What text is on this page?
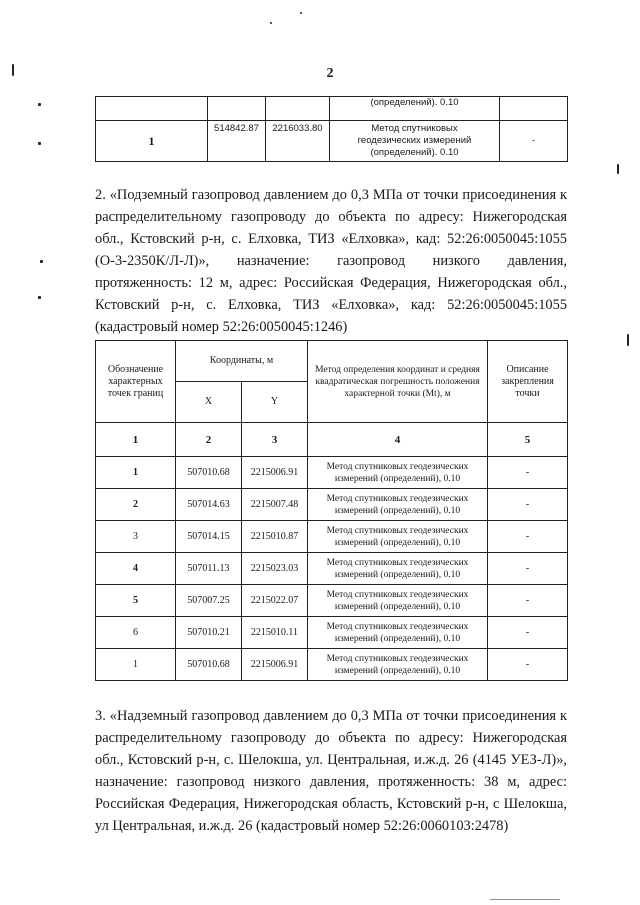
2
			(определений). 0.10	
1	514842.87	2216033.80	Метод спутниковых геодезических измерений (определений). 0.10	-

2. «Подземный газопровод давлением до 0,3 МПа от точки присоединения к распределительному газопроводу до объекта по адресу: Нижегородская обл., Кстовский р-н, с. Елховка, ТИЗ «Елховка», кад: 52:26:0050045:1055 (О-3-2350К/Л-Л)», назначение: газопровод низкого давления, протяженность: 12 м, адрес: Российская Федерация, Нижегородская обл., Кстовский р-н, с. Елховка, ТИЗ «Елховка», кад: 52:26:0050045:1055 (кадастровый номер 52:26:0050045:1246)

Обозначение характерных точек границ	Координаты, м		Метод определения координат и средняя квадратическая погрешность положения характерной точки (Mt), м	Описание закрепления точки
	X	Y		
1	2	3	4	5
1	507010.68	2215006.91	Метод спутниковых геодезических измерений (определений), 0.10	-
2	507014.63	2215007.48	Метод спутниковых геодезических измерений (определений), 0.10	-
3	507014.15	2215010.87	Метод спутниковых геодезических измерений (определений), 0.10	-
4	507011.13	2215023.03	Метод спутниковых геодезических измерений (определений), 0.10	-
5	507007.25	2215022.07	Метод спутниковых геодезических измерений (определений), 0.10	-
6	507010.21	2215010.11	Метод спутниковых геодезических измерений (определений), 0.10	-
1	507010.68	2215006.91	Метод спутниковых геодезических измерений (определений), 0.10	-

3. «Надземный газопровод давлением до 0,3 МПа от точки присоединения к распределительному газопроводу до объекта по адресу: Нижегородская обл., Кстовский р-н, с. Шелокша, ул. Центральная, и.ж.д. 26 (4145 УЕЗ-Л)», назначение: газопровод низкого давления, протяженность: 38 м, адрес: Российская Федерация, Нижегородская область, Кстовский р-н, с Шелокша, ул Центральная, и.ж.д. 26 (кадастровый номер 52:26:0060103:2478)
